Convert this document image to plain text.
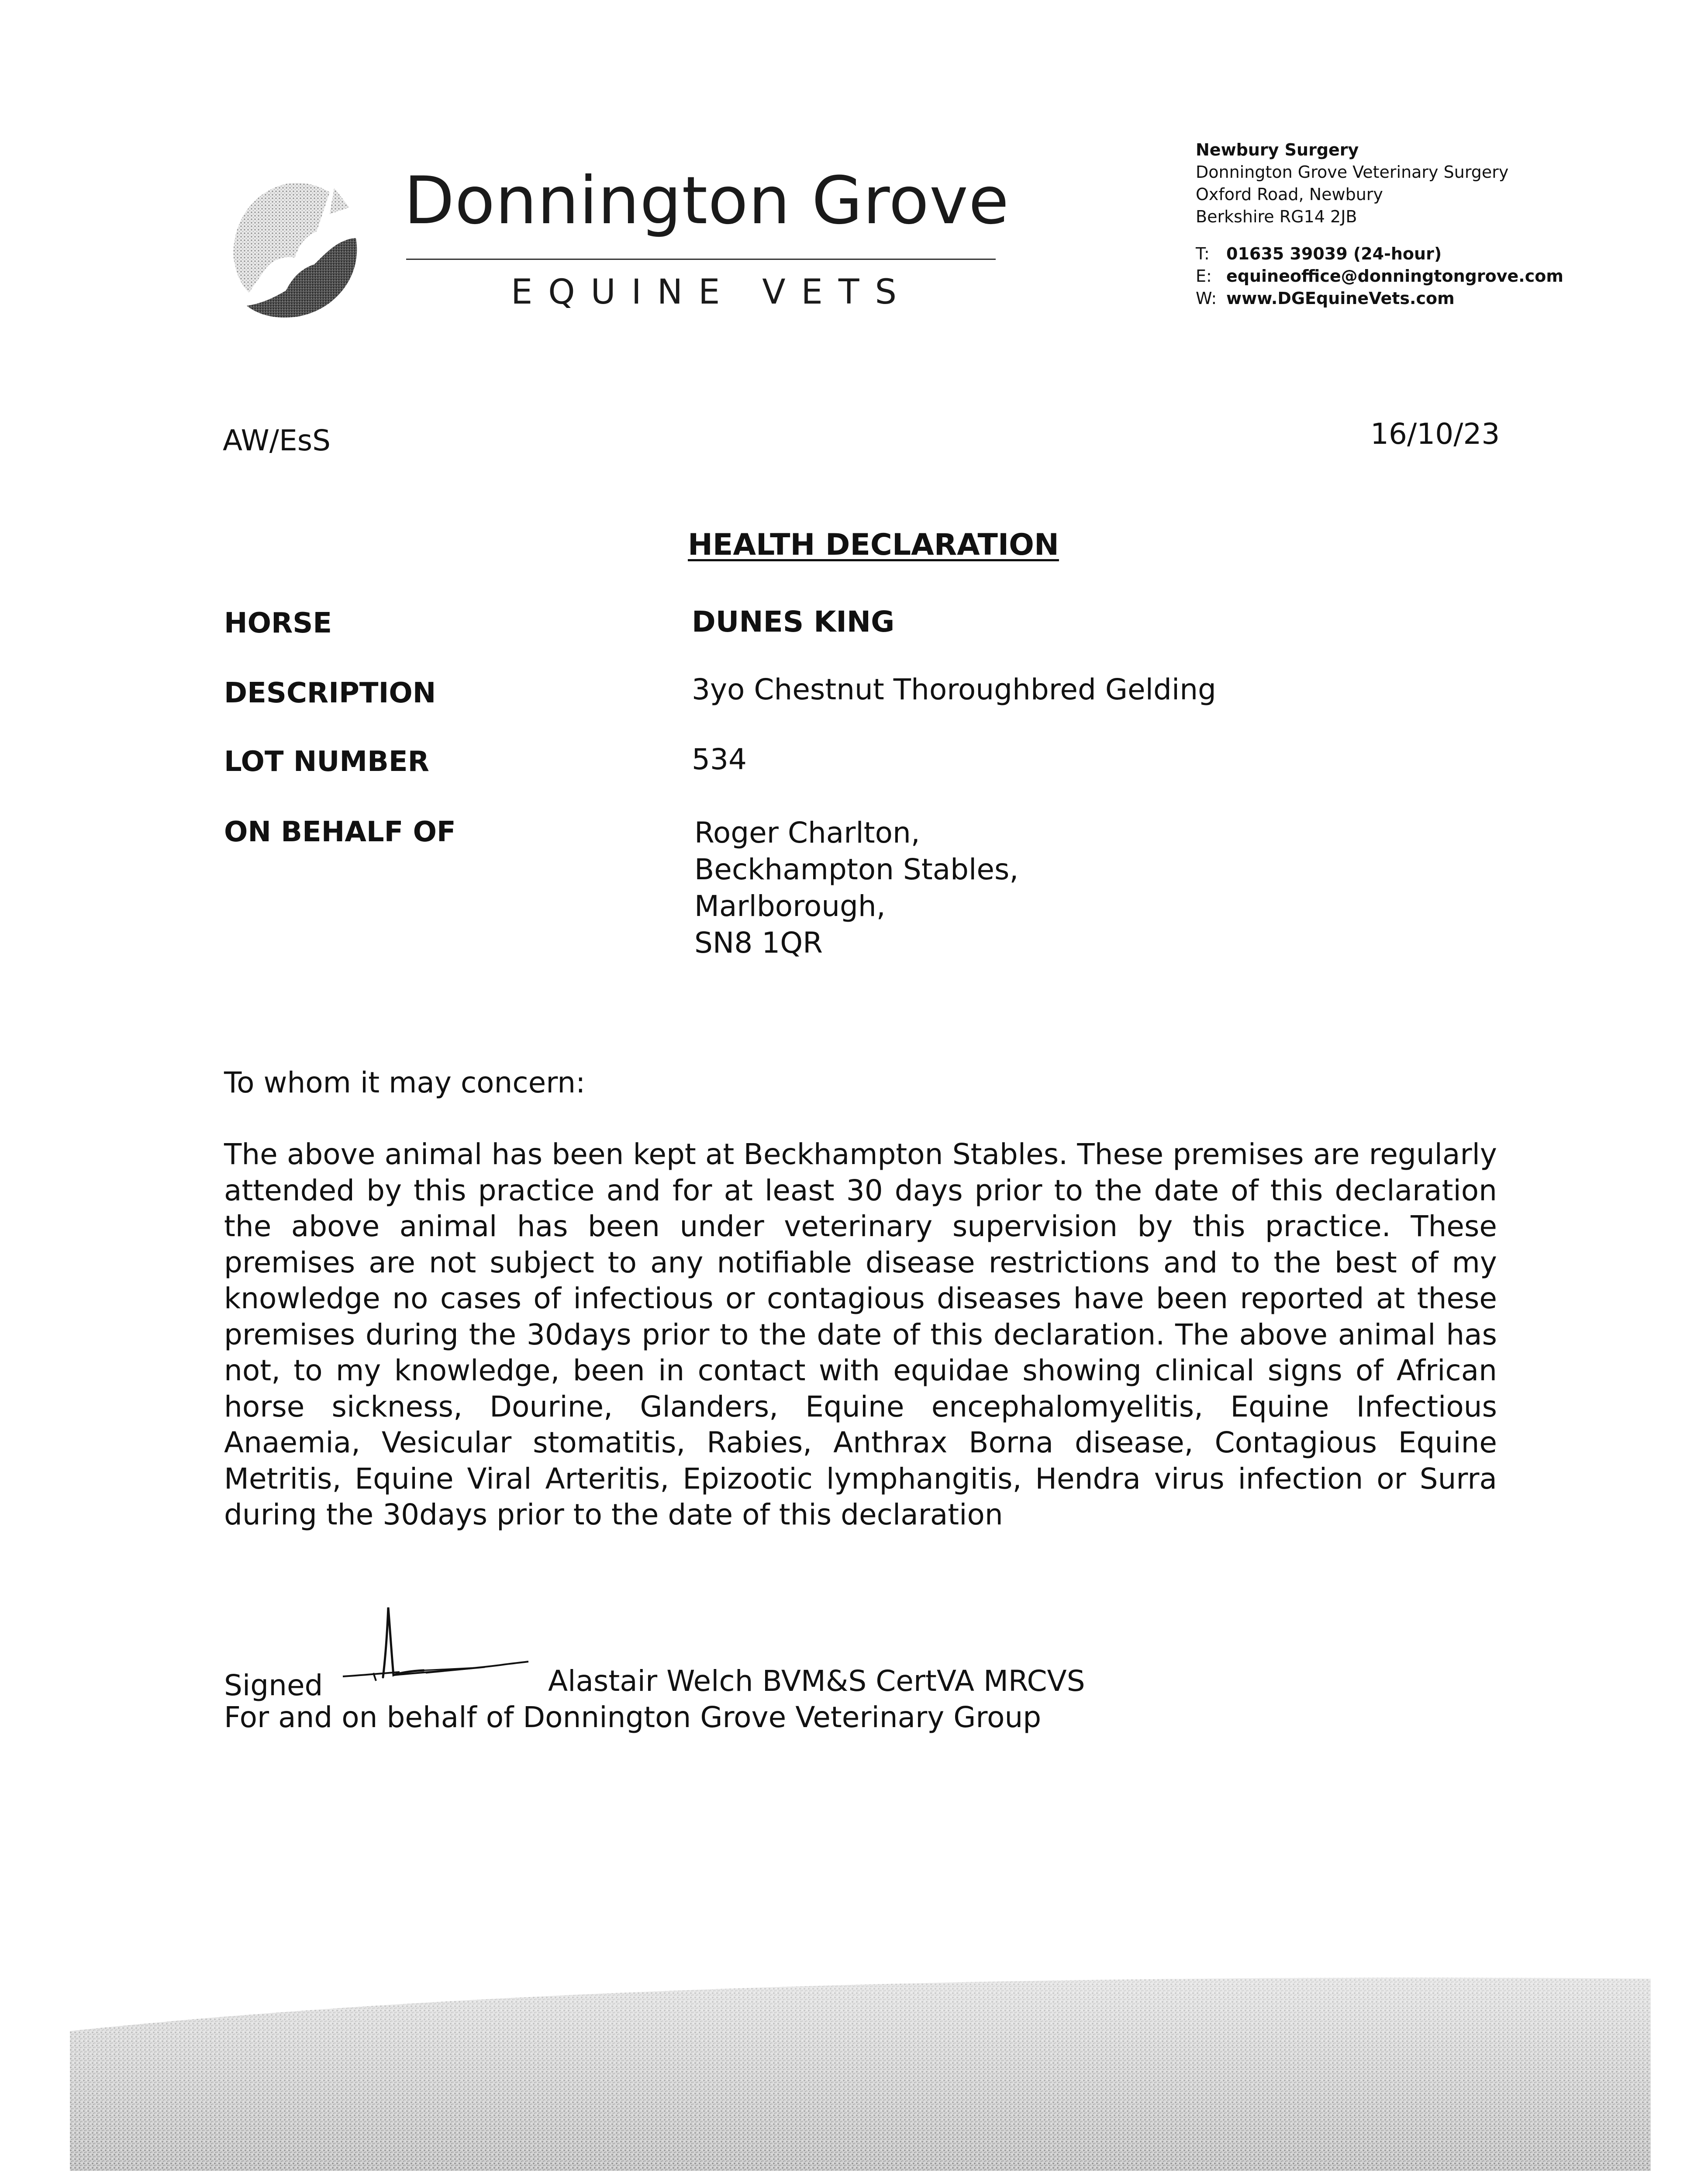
Donnington Grove
EQUINE VETS
Newbury Surgery
Donnington Grove Veterinary Surgery
Oxford Road, Newbury
Berkshire RG14 2JB
T: 01635 39039 (24-hour)
E: equineoffice@donningtongrove.com
W: www.DGEquineVets.com
AW/EsS	16/10/23
HEALTH DECLARATION
HORSE	DUNES KING
DESCRIPTION	3yo Chestnut Thoroughbred Gelding
LOT NUMBER	534
ON BEHALF OF	Roger Charlton,
Beckhampton Stables,
Marlborough,
SN8 1QR
To whom it may concern:
The above animal has been kept at Beckhampton Stables. These premises are regularly attended by this practice and for at least 30 days prior to the date of this declaration the above animal has been under veterinary supervision by this practice. These premises are not subject to any notifiable disease restrictions and to the best of my knowledge no cases of infectious or contagious diseases have been reported at these premises during the 30days prior to the date of this declaration. The above animal has not, to my knowledge, been in contact with equidae showing clinical signs of African horse sickness, Dourine, Glanders, Equine encephalomyelitis, Equine Infectious Anaemia, Vesicular stomatitis, Rabies, Anthrax Borna disease, Contagious Equine Metritis, Equine Viral Arteritis, Epizootic lymphangitis, Hendra virus infection or Surra during the 30days prior to the date of this declaration
Signed	Alastair Welch BVM&S CertVA MRCVS
For and on behalf of Donnington Grove Veterinary Group
